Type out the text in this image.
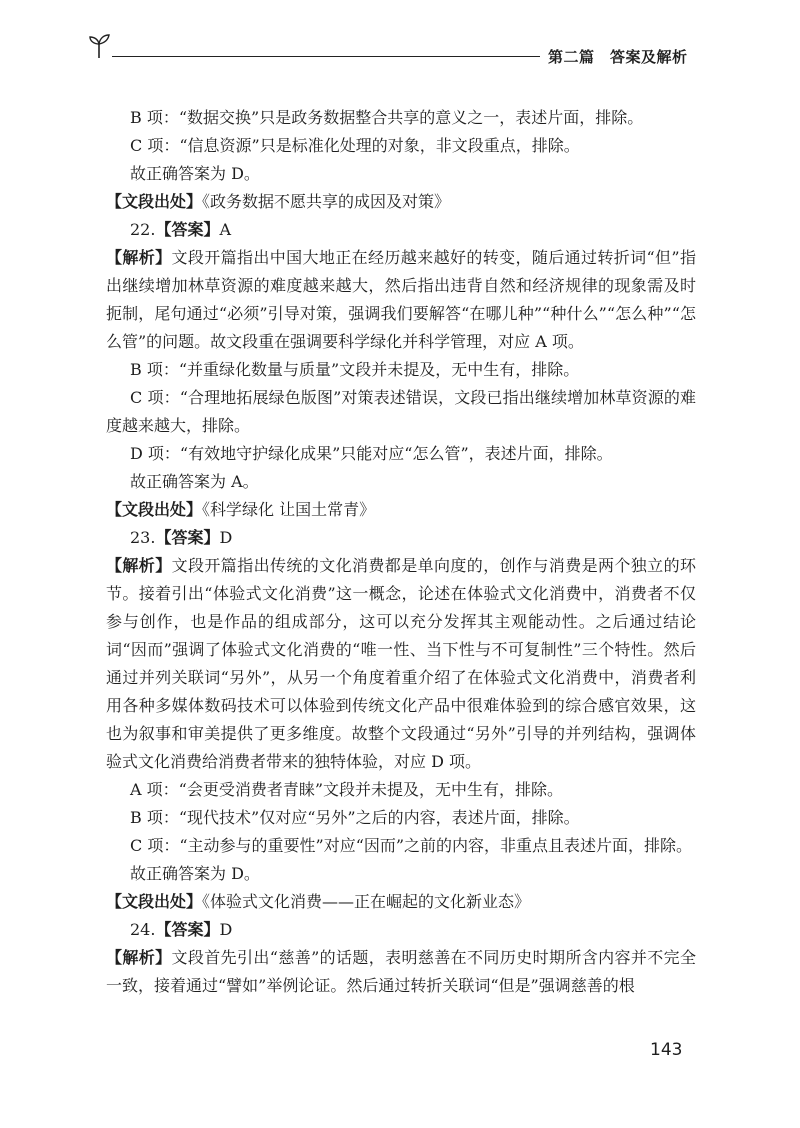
第二篇　答案及解析

B 项：“数据交换”只是政务数据整合共享的意义之一，表述片面，排除。

C 项：“信息资源”只是标准化处理的对象，非文段重点，排除。

故正确答案为 D。

【文段出处】《政务数据不愿共享的成因及对策》

22.【答案】A

【解析】文段开篇指出中国大地正在经历越来越好的转变，随后通过转折词“但”指出继续增加林草资源的难度越来越大，然后指出违背自然和经济规律的现象需及时扼制，尾句通过“必须”引导对策，强调我们要解答“在哪儿种”“种什么”“怎么种”“怎么管”的问题。故文段重在强调要科学绿化并科学管理，对应 A 项。

B 项：“并重绿化数量与质量”文段并未提及，无中生有，排除。

C 项：“合理地拓展绿色版图”对策表述错误，文段已指出继续增加林草资源的难度越来越大，排除。

D 项：“有效地守护绿化成果”只能对应“怎么管”，表述片面，排除。

故正确答案为 A。

【文段出处】《科学绿化 让国土常青》

23.【答案】D

【解析】文段开篇指出传统的文化消费都是单向度的，创作与消费是两个独立的环节。接着引出“体验式文化消费”这一概念，论述在体验式文化消费中，消费者不仅参与创作，也是作品的组成部分，这可以充分发挥其主观能动性。之后通过结论词“因而”强调了体验式文化消费的“唯一性、当下性与不可复制性”三个特性。然后通过并列关联词“另外”，从另一个角度着重介绍了在体验式文化消费中，消费者利用各种多媒体数码技术可以体验到传统文化产品中很难体验到的综合感官效果，这也为叙事和审美提供了更多维度。故整个文段通过“另外”引导的并列结构，强调体验式文化消费给消费者带来的独特体验，对应 D 项。

A 项：“会更受消费者青睐”文段并未提及，无中生有，排除。

B 项：“现代技术”仅对应“另外”之后的内容，表述片面，排除。

C 项：“主动参与的重要性”对应“因而”之前的内容，非重点且表述片面，排除。

故正确答案为 D。

【文段出处】《体验式文化消费——正在崛起的文化新业态》

24.【答案】D

【解析】文段首先引出“慈善”的话题，表明慈善在不同历史时期所含内容并不完全一致，接着通过“譬如”举例论证。然后通过转折关联词“但是”强调慈善的根

143
